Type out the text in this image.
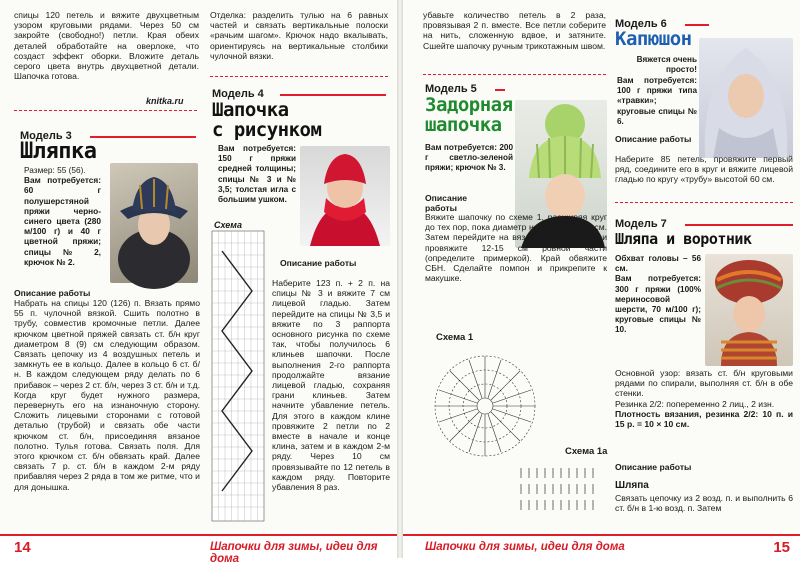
спицы 120 петель и вяжите двухцветным узором круговыми рядами. Через 50 см закройте (свободно!) петли. Края обеих деталей обработайте на оверлоке, что создаст эффект оборки. Вложите деталь серого цвета внутрь двухцветной детали. Шапочка готова.
knitka.ru
Модель 3
Шляпка

Размер: 55 (56).

Вам потребуется: 60 г полушерстяной пряжи черно-синего цвета (280 м/100 г) и 40 г цветной пряжи; спицы № 2, крючок № 2.

Описание работы
Набрать на спицы 120 (126) п. Вязать прямо 55 п. чулочной вязкой. Сшить полотно в трубу, совместив кромочные петли. Далее крючком цветной пряжей связать ст. б/н круг диаметром 8 (9) см следующим образом. Связать цепочку из 4 воздушных петель и замкнуть ее в кольцо. Далее в кольцо 6 ст. б/н. В каждом следующем ряду делать по 6 прибавок – через 2 ст. б/н, через 3 ст. б/н и т.д. Когда круг будет нужного размера, перевернуть его на изнаночную сторону. Сложить лицевыми сторонами с готовой деталью (трубой) и связать обе части крючком ст. б/н, присоединяя вязаное полотно. Тулья готова. Связать поля. Для этого крючком ст. б/н обвязать край. Далее связать 7 р. ст. б/н в каждом 2-м ряду прибавляя через 2 ряда в том же ритме, что и для донышка.
Отделка: разделить тулью на 6 равных частей и связать вертикальные полоски «рачьим шагом». Крючок надо вкалывать, ориентируясь на вертикальные столбики чулочной вязки.
Модель 4
Шапочка
с рисунком
Вам потребуется: 150 г пряжи средней толщины; спицы № 3 и № 3,5; толстая игла с большим ушком.
Схема
Описание работы
Наберите 123 п. + 2 п. на спицы № 3 и вяжите 7 см лицевой гладью. Затем перейдите на спицы № 3,5 и вяжите по 3 раппорта основного рисунка по схеме так, чтобы получилось 6 клиньев шапочки. После выполнения 2-го раппорта продолжайте вязание лицевой гладью, сохраняя грани клиньев. Затем начните убавление петель. Для этого в каждом клине провяжите 2 петли по 2 вместе в начале и конце клина, затем и в каждом 2-м ряду. Через 10 см провязывайте по 12 петель в каждом ряду. Повторите убавления 8 раз.
14	Шапочки для зимы, идеи для дома
убавьте количество петель в 2 раза, провязывая 2 п. вместе. Все петли соберите на нить, сложенную вдвое, и затяните. Сшейте шапочку ручным трикотажным швом.
Модель 5
Задорная
шапочка
Вам потребуется: 200 г светло-зеленой пряжи; крючок № 3.
Описание работы
Вяжите шапочку по схеме 1, расширяя круг до тех пор, пока диаметр не станет 16-17 см. Затем перейдите на вязание по схеме 1а и провяжите 12-15 см ровной части (определите примеркой). Край обвяжите СБН. Сделайте помпон и прикрепите к макушке.
Схема 1
Схема 1а
Модель 6
Капюшон
Вяжется очень просто!
Вам потребуется: 100 г пряжи типа «травки»; круговые спицы № 6.
Описание работы
Наберите 85 петель, провяжите первый ряд, соедините его в круг и вяжите лицевой гладью по кругу «трубу» высотой 60 см.
Модель 7
Шляпа и воротник

Обхват головы – 56 см.

Вам потребуется: 300 г пряжи (100% мериносовой шерсти, 70 м/100 г); круговые спицы № 10.

Основной узор: вязать ст. б/н круговыми рядами по спирали, выполняя ст. б/н в обе стенки.

Резинка 2/2: попеременно 2 лиц., 2 изн.

Плотность вязания, резинка 2/2: 10 п. и 15 р. = 10 × 10 см.

Описание работы
Шляпа
Связать цепочку из 2 возд. п. и выполнить 6 ст. б/н в 1-ю возд. п. Затем
Шапочки для зимы, идеи для дома	15
